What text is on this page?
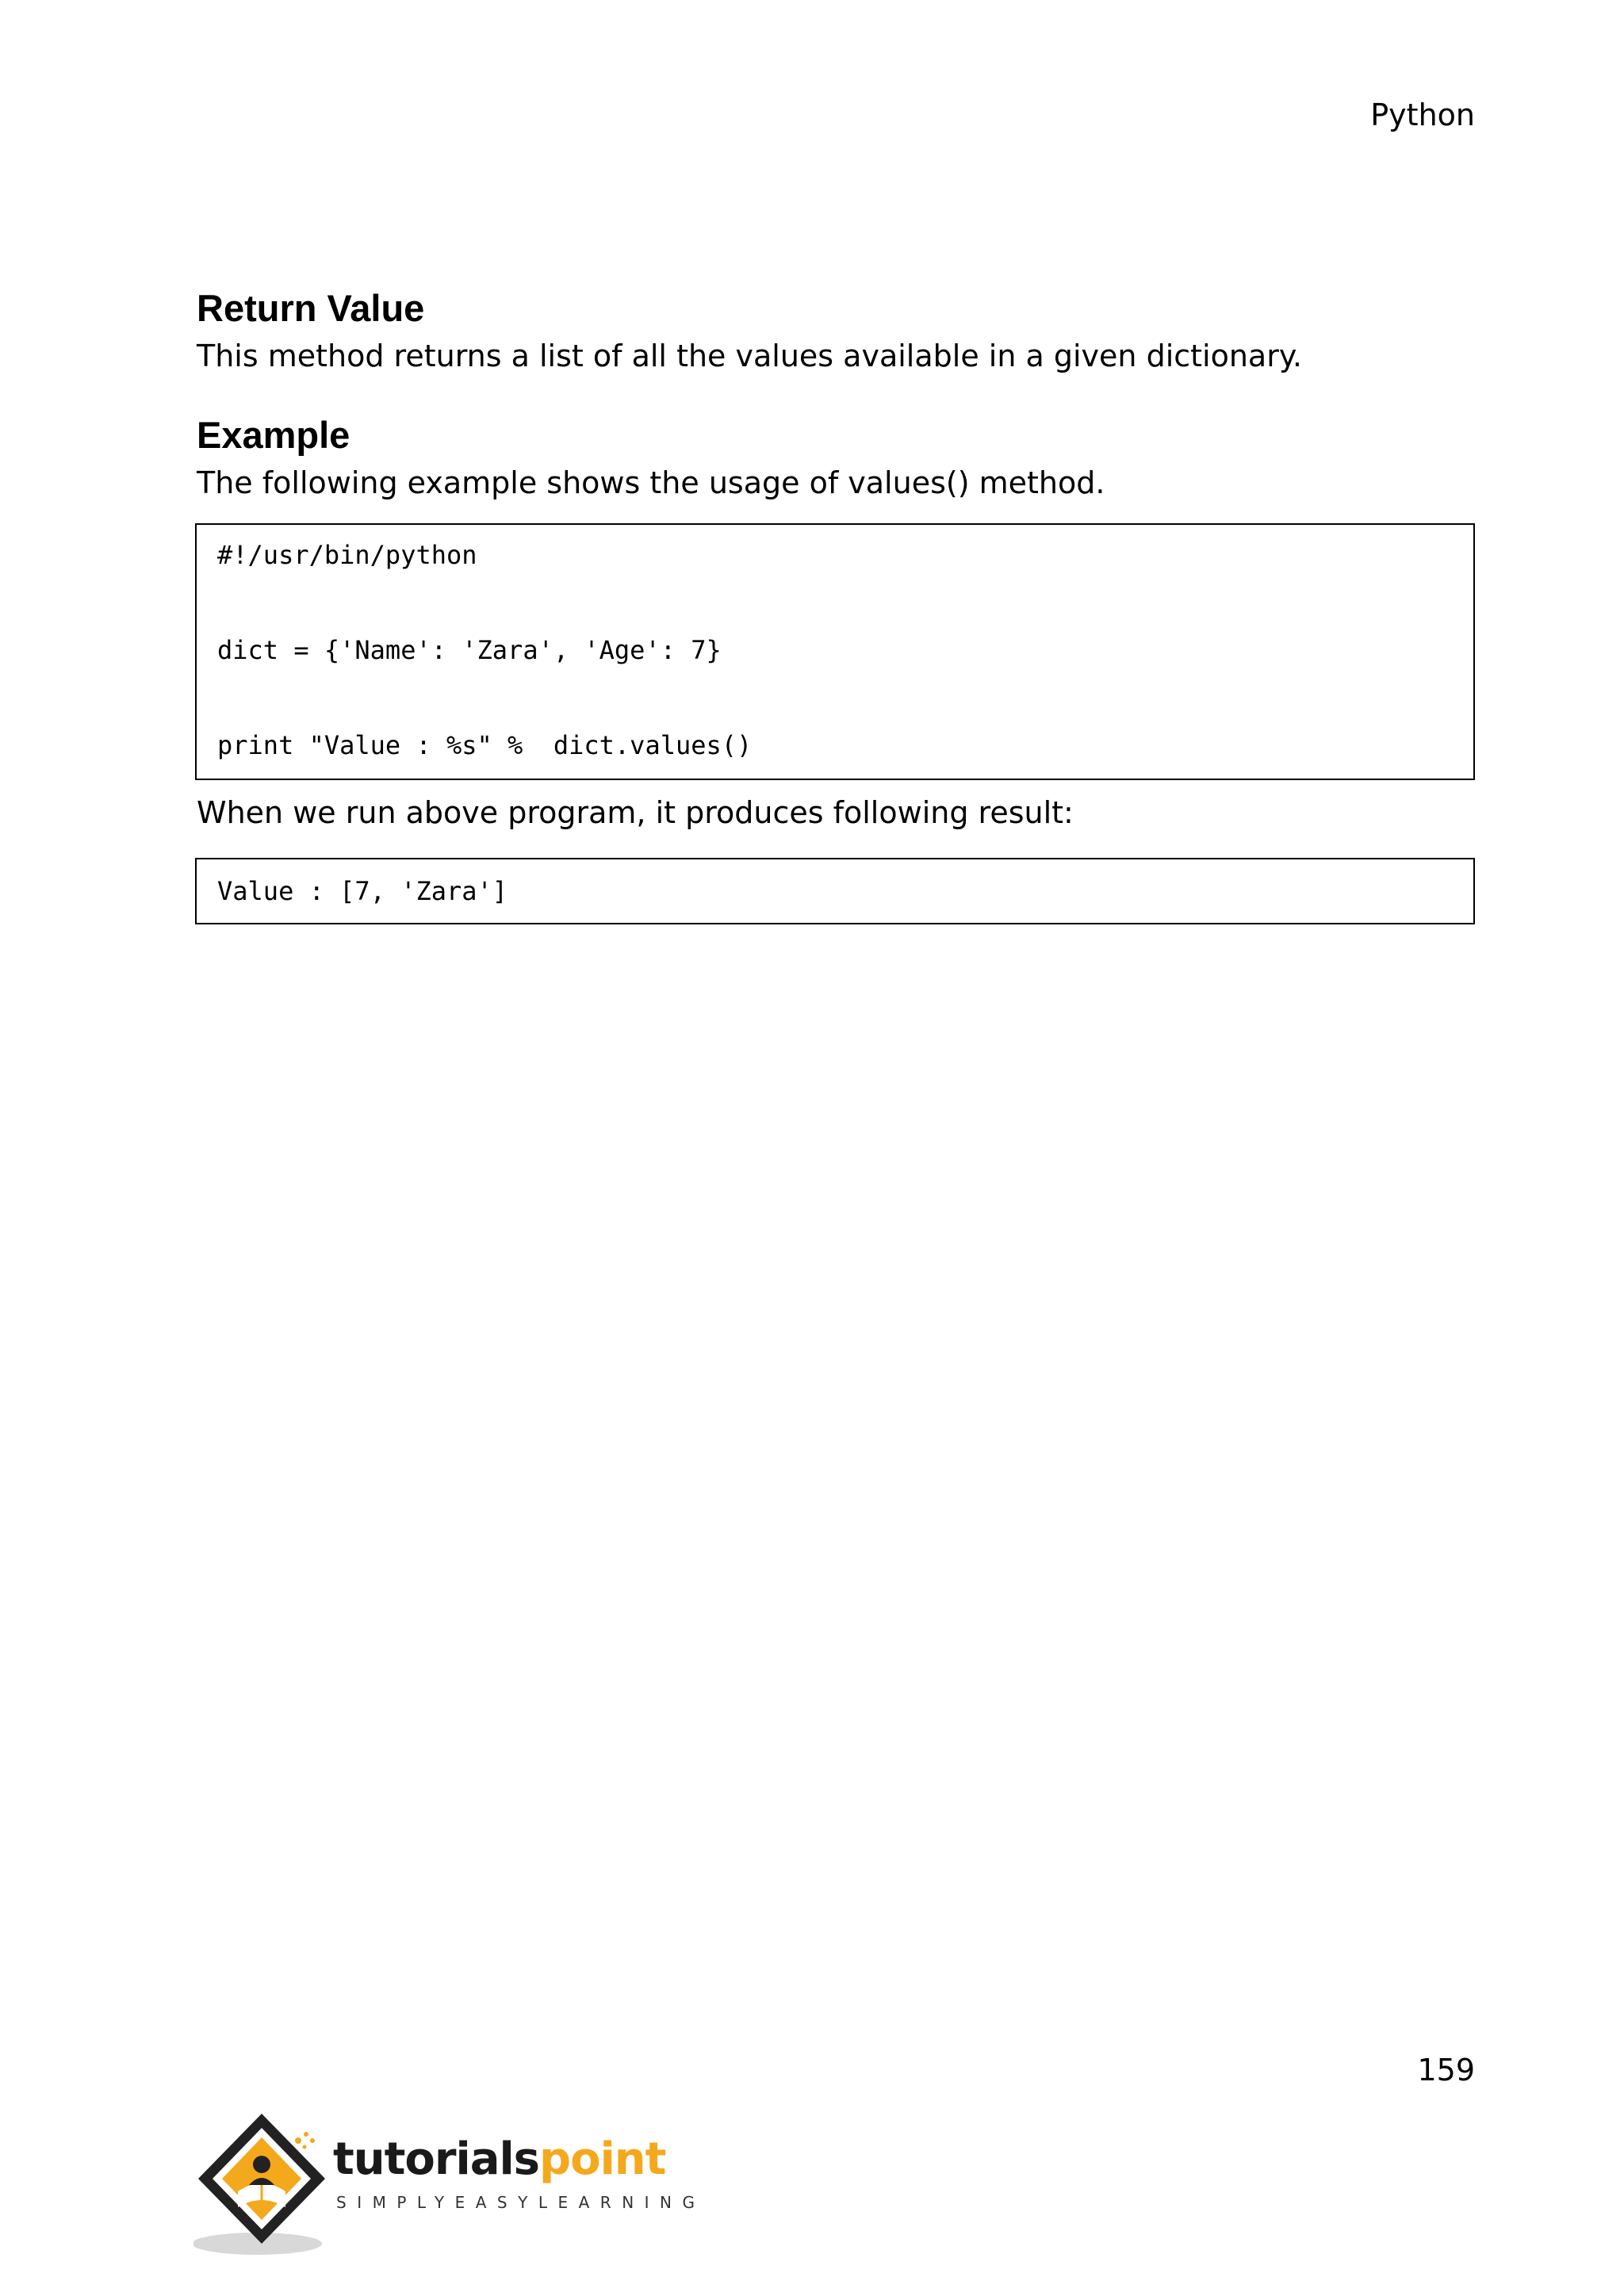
Python
Return Value
This method returns a list of all the values available in a given dictionary.
Example
The following example shows the usage of values() method.
#!/usr/bin/python
dict = {'Name': 'Zara', 'Age': 7}
print "Value : %s" %  dict.values()
When we run above program, it produces following result:
Value : [7, 'Zara']
159
tutorialspoint
SIMPLYEASYLEARNING
